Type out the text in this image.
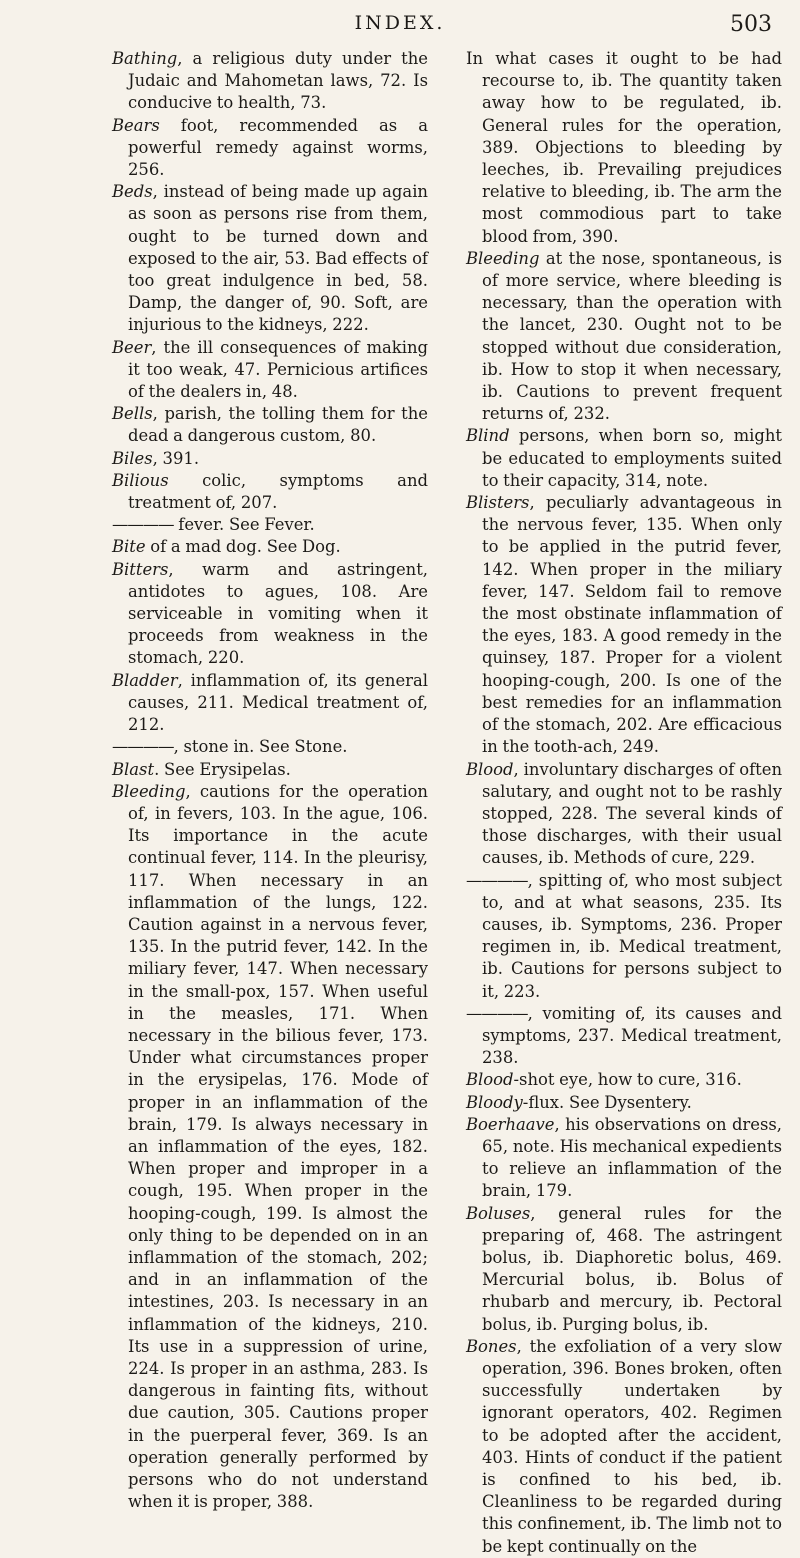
INDEX.	503

Bathing, a religious duty under the Judaic and Mahometan laws, 72. Is conducive to health, 73.

Bears foot, recommended as a powerful remedy against worms, 256.

Beds, instead of being made up again as soon as persons rise from them, ought to be turned down and exposed to the air, 53. Bad effects of too great indulgence in bed, 58. Damp, the danger of, 90. Soft, are injurious to the kidneys, 222.

Beer, the ill consequences of making it too weak, 47. Pernicious artifices of the dealers in, 48.

Bells, parish, the tolling them for the dead a dangerous custom, 80.

Biles, 391.

Bilious colic, symptoms and treatment of, 207.

———— fever. See Fever.

Bite of a mad dog. See Dog.

Bitters, warm and astringent, antidotes to agues, 108. Are serviceable in vomiting when it proceeds from weakness in the stomach, 220.

Bladder, inflammation of, its general causes, 211. Medical treatment of, 212.

————, stone in. See Stone.

Blast. See Erysipelas.

Bleeding, cautions for the operation of, in fevers, 103. In the ague, 106. Its importance in the acute continual fever, 114. In the pleurisy, 117. When necessary in an inflammation of the lungs, 122. Caution against in a nervous fever, 135. In the putrid fever, 142. In the miliary fever, 147. When necessary in the small-pox, 157. When useful in the measles, 171. When necessary in the bilious fever, 173. Under what circumstances proper in the erysipelas, 176. Mode of proper in an inflammation of the brain, 179. Is always necessary in an inflammation of the eyes, 182. When proper and improper in a cough, 195. When proper in the hooping-cough, 199. Is almost the only thing to be depended on in an inflammation of the stomach, 202; and in an inflammation of the intestines, 203. Is necessary in an inflammation of the kidneys, 210. Its use in a suppression of urine, 224. Is proper in an asthma, 283. Is dangerous in fainting fits, without due caution, 305. Cautions proper in the puerperal fever, 369. Is an operation generally performed by persons who do not understand when it is proper, 388.

In what cases it ought to be had recourse to, ib. The quantity taken away how to be regulated, ib. General rules for the operation, 389. Objections to bleeding by leeches, ib. Prevailing prejudices relative to bleeding, ib. The arm the most commodious part to take blood from, 390.

Bleeding at the nose, spontaneous, is of more service, where bleeding is necessary, than the operation with the lancet, 230. Ought not to be stopped without due consideration, ib. How to stop it when necessary, ib. Cautions to prevent frequent returns of, 232.

Blind persons, when born so, might be educated to employments suited to their capacity, 314, note.

Blisters, peculiarly advantageous in the nervous fever, 135. When only to be applied in the putrid fever, 142. When proper in the miliary fever, 147. Seldom fail to remove the most obstinate inflammation of the eyes, 183. A good remedy in the quinsey, 187. Proper for a violent hooping-cough, 200. Is one of the best remedies for an inflammation of the stomach, 202. Are efficacious in the tooth-ach, 249.

Blood, involuntary discharges of often salutary, and ought not to be rashly stopped, 228. The several kinds of those discharges, with their usual causes, ib. Methods of cure, 229.

————, spitting of, who most subject to, and at what seasons, 235. Its causes, ib. Symptoms, 236. Proper regimen in, ib. Medical treatment, ib. Cautions for persons subject to it, 223.

————, vomiting of, its causes and symptoms, 237. Medical treatment, 238.

Blood-shot eye, how to cure, 316.

Bloody-flux. See Dysentery.

Boerhaave, his observations on dress, 65, note. His mechanical expedients to relieve an inflammation of the brain, 179.

Boluses, general rules for the preparing of, 468. The astringent bolus, ib. Diaphoretic bolus, 469. Mercurial bolus, ib. Bolus of rhubarb and mercury, ib. Pectoral bolus, ib. Purging bolus, ib.

Bones, the exfoliation of a very slow operation, 396. Bones broken, often successfully undertaken by ignorant operators, 402. Regimen to be adopted after the accident, 403. Hints of conduct if the patient is confined to his bed, ib. Cleanliness to be regarded during this confinement, ib. The limb not to be kept continually on the
